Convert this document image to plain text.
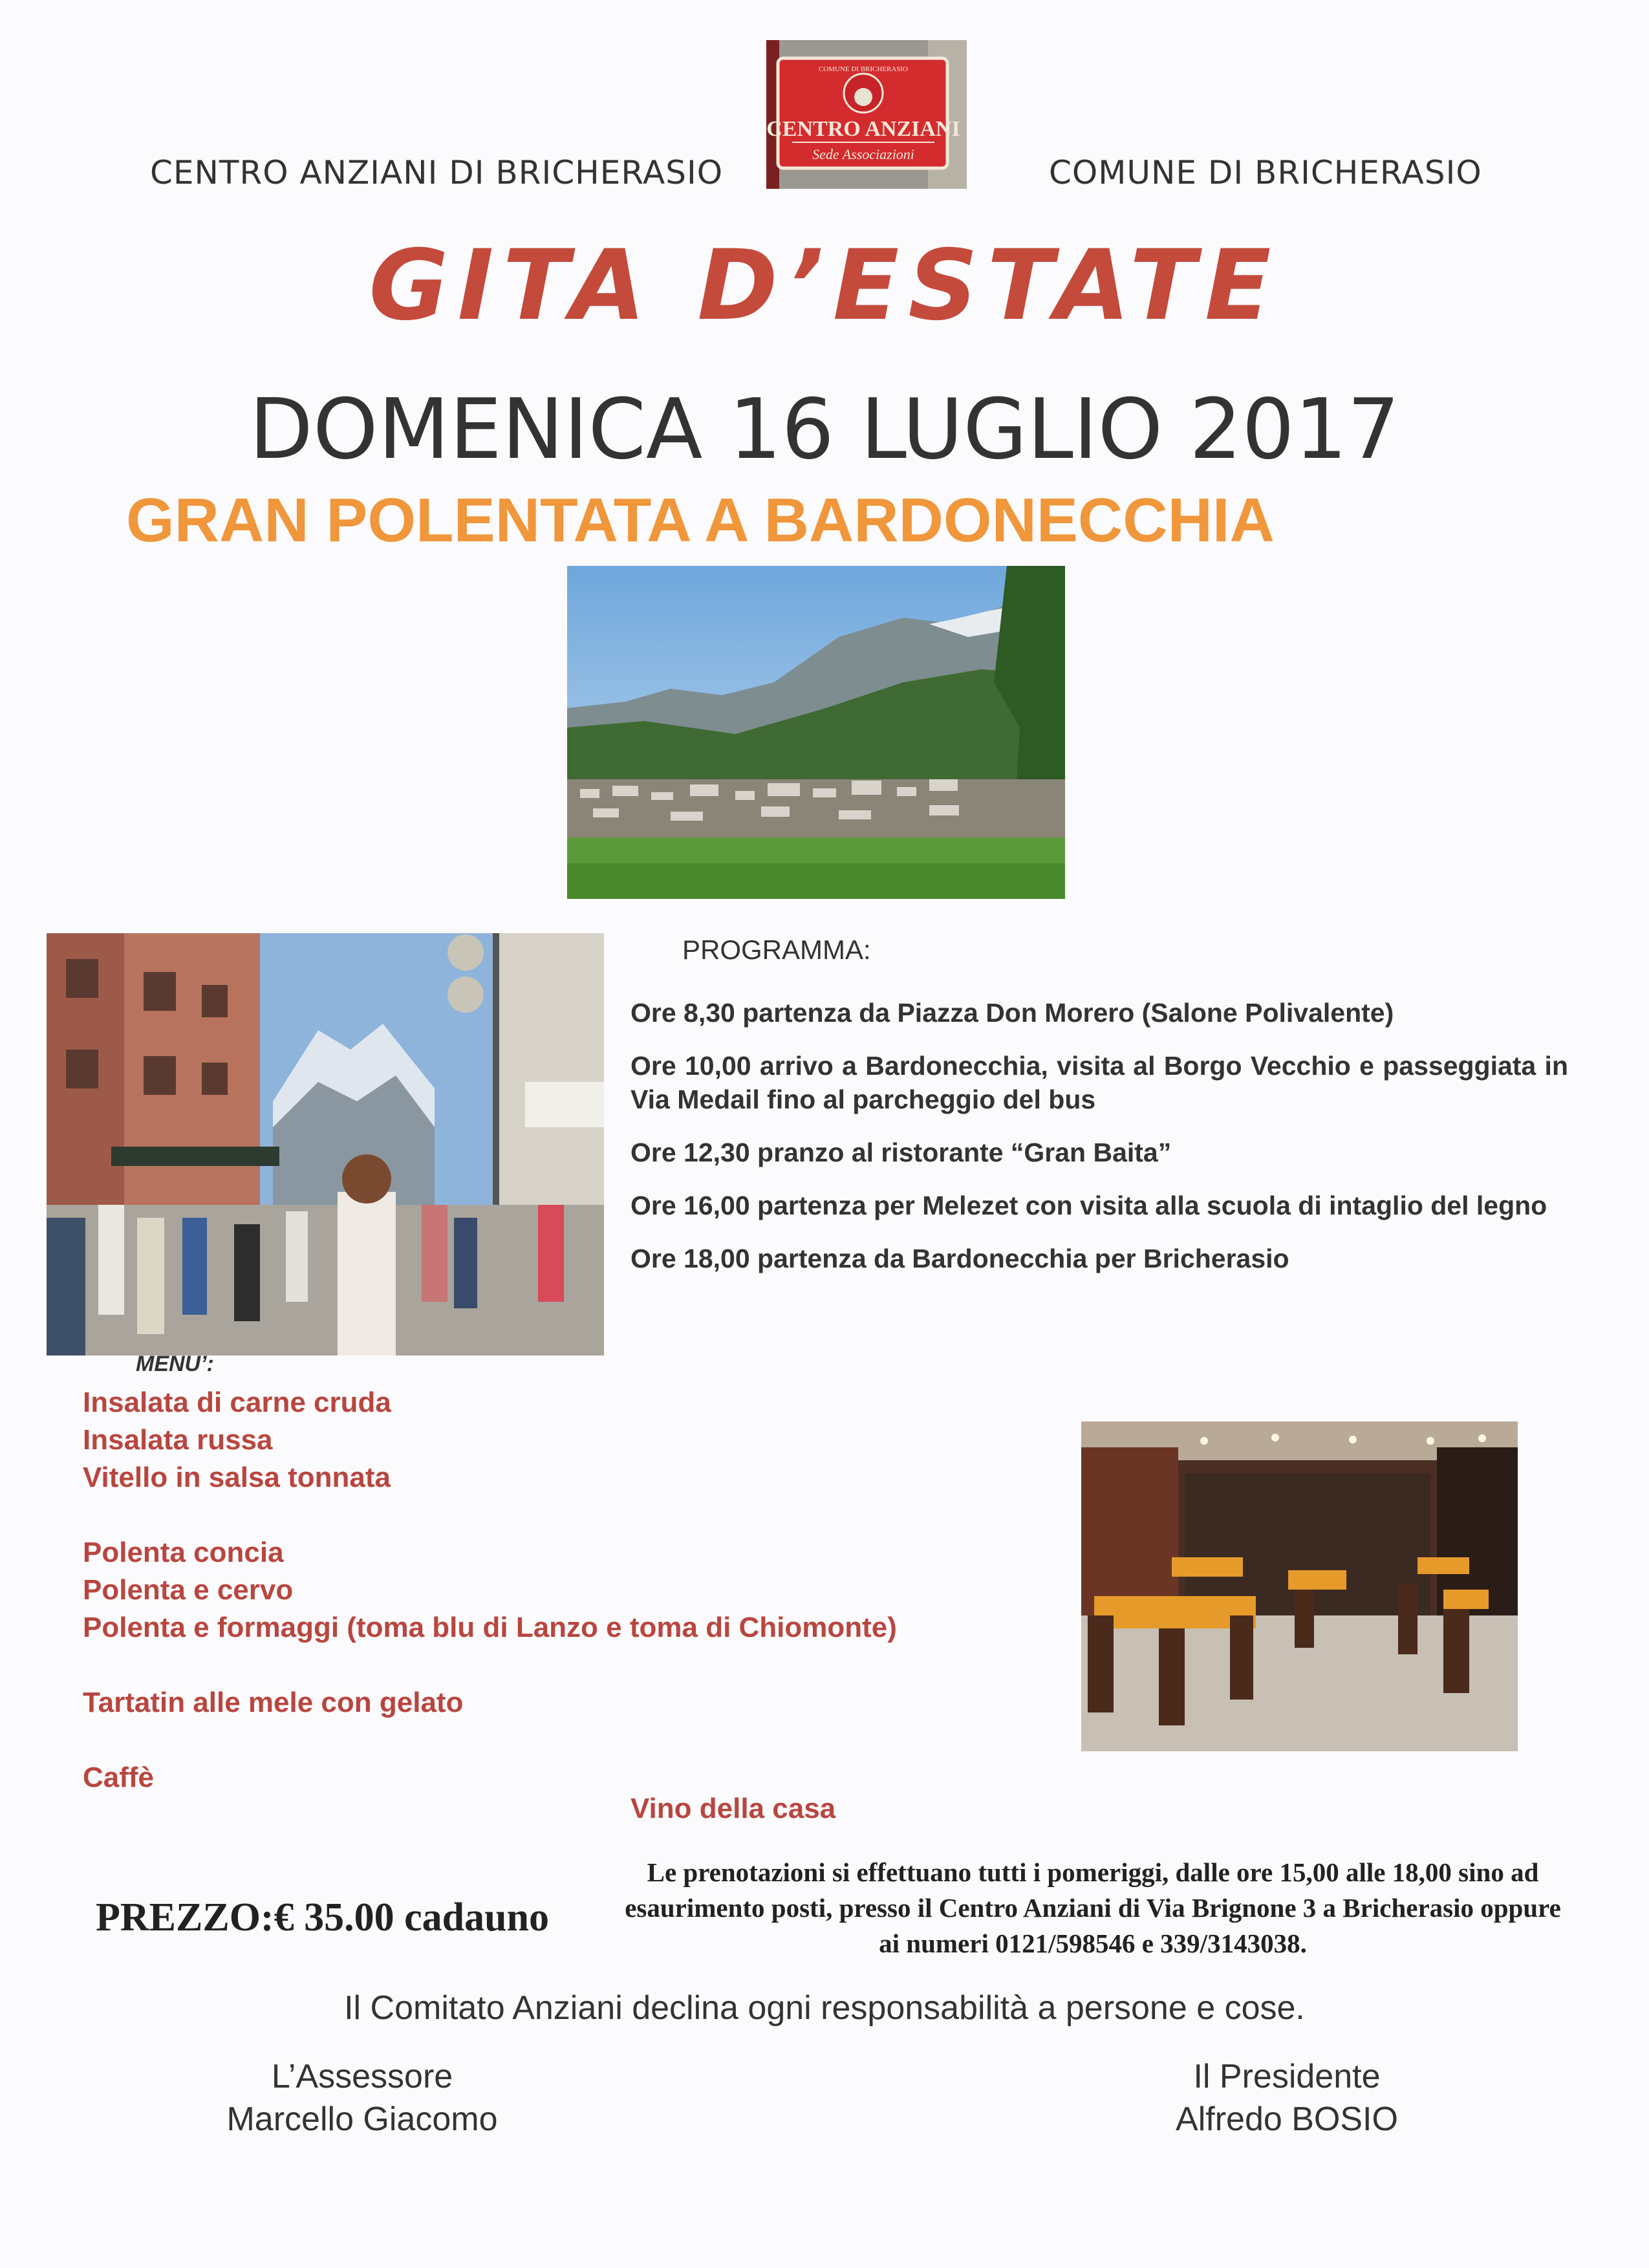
CENTRO ANZIANI DI BRICHERASIO	COMUNE DI BRICHERASIO
COMUNE DI BRICHERASIO
CENTRO ANZIANI
Sede Associazioni
GITA D’ESTATE
DOMENICA 16 LUGLIO 2017
GRAN POLENTATA A BARDONECCHIA
PROGRAMMA:

Ore 8,30 partenza da Piazza Don Morero (Salone Polivalente)

Ore 10,00 arrivo a Bardonecchia, visita al Borgo Vecchio e passeggiata in Via Medail fino al parcheggio del bus

Ore 12,30 pranzo al ristorante “Gran Baita”

Ore 16,00 partenza per Melezet con visita alla scuola di intaglio del legno

Ore 18,00 partenza da Bardonecchia per Bricherasio

MENU’:
Insalata di carne cruda
Insalata russa
Vitello in salsa tonnata
Polenta concia
Polenta e cervo
Polenta e formaggi (toma blu di Lanzo e toma di Chiomonte)
Tartatin alle mele con gelato
Caffè
Vino della casa
PREZZO:€ 35.00 cadauno
Le prenotazioni si effettuano tutti i pomeriggi, dalle ore 15,00 alle 18,00 sino ad esaurimento posti, presso il Centro Anziani di Via Brignone 3 a Bricherasio oppure ai numeri 0121/598546 e 339/3143038.
Il Comitato Anziani declina ogni responsabilità a persone e cose.
L’Assessore
Marcello Giacomo
Il Presidente
Alfredo BOSIO
